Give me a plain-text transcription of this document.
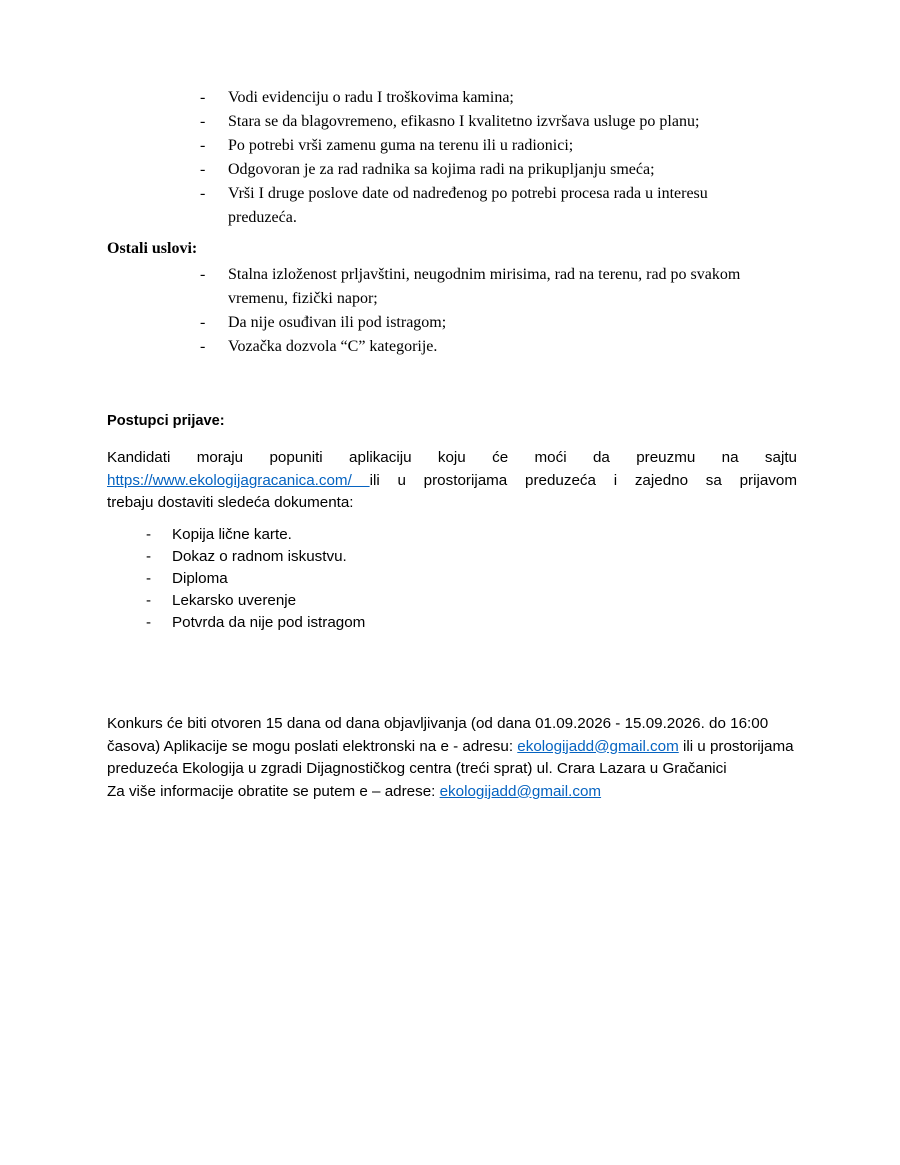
- Vodi evidenciju o radu I troškovima kamina;
- Stara se da blagovremeno, efikasno I kvalitetno izvršava usluge po planu;
- Po potrebi vrši zamenu guma na terenu ili u radionici;
- Odgovoran je za rad radnika sa kojima radi na prikupljanju smeća;
- Vrši I druge poslove date od nadređenog po potrebi procesa rada u interesu preduzeća.
Ostali uslovi:
- Stalna izloženost prljavštini, neugodnim mirisima, rad na terenu, rad po svakom vremenu, fizički napor;
- Da nije osuđivan ili pod istragom;
- Vozačka dozvola “C” kategorije.
Postupci prijave:
Kandidati moraju popuniti aplikaciju koju će moći da preuzmu na sajtu
https://www.ekologijagracanica.com/ ili u prostorijama preduzeća i zajedno sa prijavom
trebaju dostaviti sledeća dokumenta:
- Kopija lične karte.
- Dokaz o radnom iskustvu.
- Diploma
- Lekarsko uverenje
- Potvrda da nije pod istragom
Konkurs će biti otvoren 15 dana od dana objavljivanja (od dana 01.09.2026 - 15.09.2026. do 16:00 časova) Aplikacije se mogu poslati elektronski na e - adresu: ekologijadd@gmail.com ili u prostorijama preduzeća Ekologija u zgradi Dijagnostičkog centra (treći sprat) ul. Crara Lazara u Gračanici
Za više informacije obratite se putem e – adrese: ekologijadd@gmail.com
